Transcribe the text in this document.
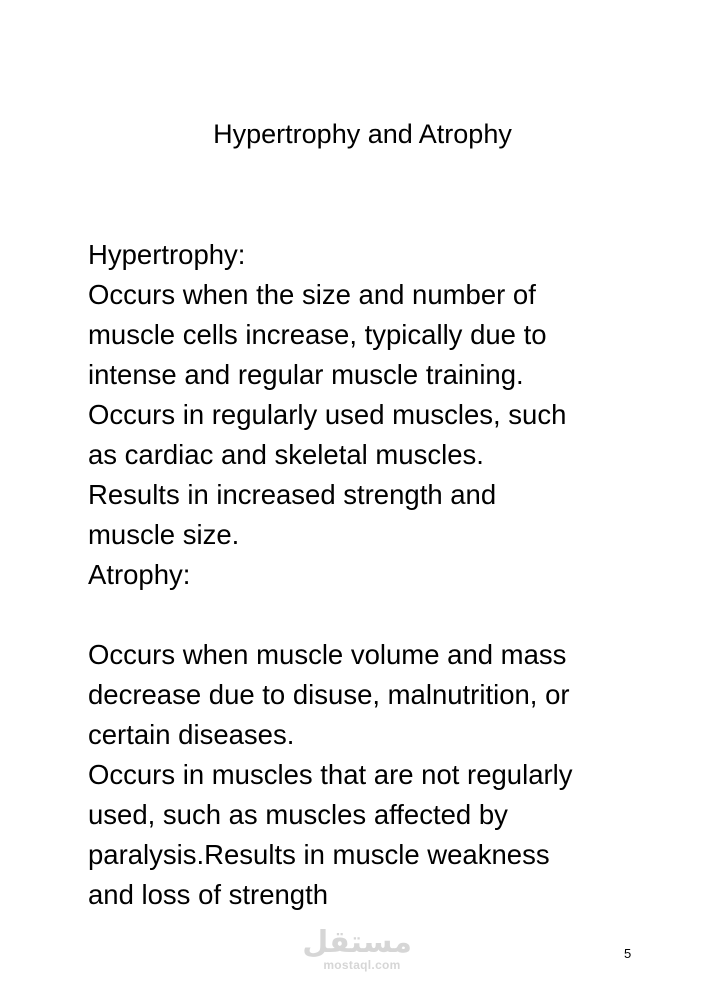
Hypertrophy and Atrophy
Hypertrophy:
Occurs when the size and number of
muscle cells increase, typically due to
intense and regular muscle training.
Occurs in regularly used muscles, such
as cardiac and skeletal muscles.
Results in increased strength and
muscle size.
Atrophy:
Occurs when muscle volume and mass
decrease due to disuse, malnutrition, or
certain diseases.
Occurs in muscles that are not regularly
used, such as muscles affected by
paralysis.Results in muscle weakness
and loss of strength
مستقل
mostaql.com
5
